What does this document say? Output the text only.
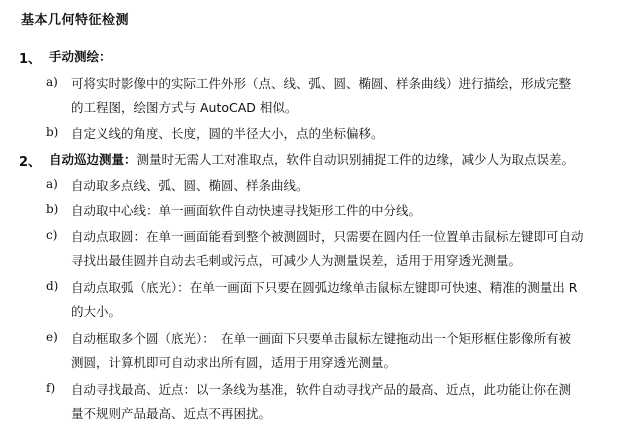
基本几何特征检测
1、 手动测绘：
a) 可将实时影像中的实际工件外形（点、线、弧、圆、椭圆、样条曲线）进行描绘，形成完整
的工程图，绘图方式与 AutoCAD 相似。
b) 自定义线的角度、长度，圆的半径大小，点的坐标偏移。
2、 自动巡边测量：测量时无需人工对准取点，软件自动识别捕捉工件的边缘，减少人为取点误差。
a) 自动取多点线、弧、圆、椭圆、样条曲线。
b) 自动取中心线：单一画面软件自动快速寻找矩形工件的中分线。
c) 自动点取圆：在单一画面能看到整个被测圆时，只需要在圆内任一位置单击鼠标左键即可自动
寻找出最佳圆并自动去毛刺或污点，可减少人为测量误差，适用于用穿透光测量。
d) 自动点取弧（底光）：在单一画面下只要在圆弧边缘单击鼠标左键即可快速、精准的测量出 R
的大小。
e) 自动框取多个圆（底光）：　在单一画面下只要单击鼠标左键拖动出一个矩形框住影像所有被
测圆，计算机即可自动求出所有圆，适用于用穿透光测量。
f) 自动寻找最高、近点：以一条线为基准，软件自动寻找产品的最高、近点，此功能让你在测
量不规则产品最高、近点不再困扰。
